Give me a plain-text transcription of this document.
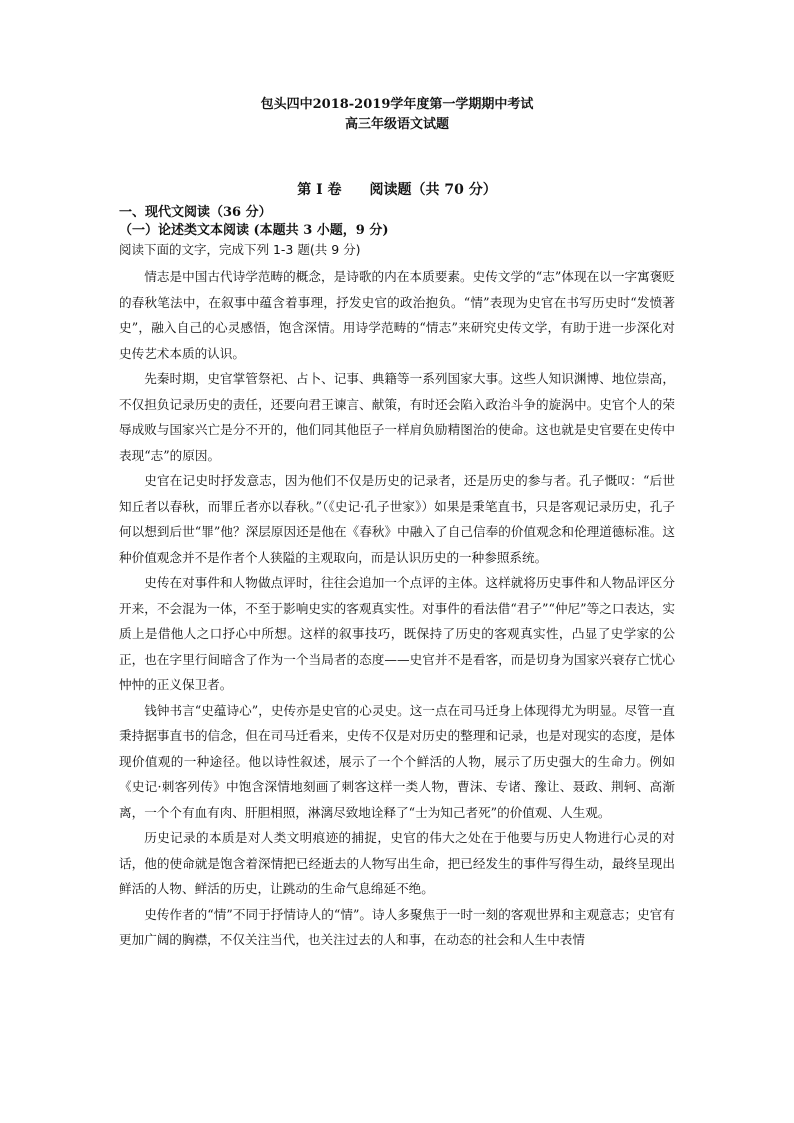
包头四中2018-2019学年度第一学期期中考试
高三年级语文试题
第 I 卷　　阅读题（共 70 分）
一、现代文阅读（36 分）
（一）论述类文本阅读 (本题共 3 小题，9 分)
阅读下面的文字，完成下列 1-3 题(共 9 分)

情志是中国古代诗学范畴的概念，是诗歌的内在本质要素。史传文学的“志”体现在以一字寓褒贬的春秋笔法中，在叙事中蕴含着事理，抒发史官的政治抱负。“情”表现为史官在书写历史时“发愤著史”，融入自己的心灵感悟，饱含深情。用诗学范畴的“情志”来研究史传文学，有助于进一步深化对史传艺术本质的认识。

先秦时期，史官掌管祭祀、占卜、记事、典籍等一系列国家大事。这些人知识渊博、地位崇高，不仅担负记录历史的责任，还要向君王谏言、献策，有时还会陷入政治斗争的旋涡中。史官个人的荣辱成败与国家兴亡是分不开的，他们同其他臣子一样肩负励精图治的使命。这也就是史官要在史传中表现“志”的原因。

史官在记史时抒发意志，因为他们不仅是历史的记录者，还是历史的参与者。孔子慨叹：“后世知丘者以春秋，而罪丘者亦以春秋。”（《史记·孔子世家》）如果是秉笔直书，只是客观记录历史，孔子何以想到后世“罪”他？深层原因还是他在《春秋》中融入了自己信奉的价值观念和伦理道德标准。这种价值观念并不是作者个人狭隘的主观取向，而是认识历史的一种参照系统。

史传在对事件和人物做点评时，往往会追加一个点评的主体。这样就将历史事件和人物品评区分开来，不会混为一体，不至于影响史实的客观真实性。对事件的看法借“君子”“仲尼”等之口表达，实质上是借他人之口抒心中所想。这样的叙事技巧，既保持了历史的客观真实性，凸显了史学家的公正，也在字里行间暗含了作为一个当局者的态度——史官并不是看客，而是切身为国家兴衰存亡忧心忡忡的正义保卫者。

钱钟书言“史蕴诗心”，史传亦是史官的心灵史。这一点在司马迁身上体现得尤为明显。尽管一直秉持据事直书的信念，但在司马迁看来，史传不仅是对历史的整理和记录，也是对现实的态度，是体现价值观的一种途径。他以诗性叙述，展示了一个个鲜活的人物，展示了历史强大的生命力。例如《史记·刺客列传》中饱含深情地刻画了刺客这样一类人物，曹沫、专诸、豫让、聂政、荆轲、高渐离，一个个有血有肉、肝胆相照，淋漓尽致地诠释了“士为知己者死”的价值观、人生观。

历史记录的本质是对人类文明痕迹的捕捉，史官的伟大之处在于他要与历史人物进行心灵的对话，他的使命就是饱含着深情把已经逝去的人物写出生命，把已经发生的事件写得生动，最终呈现出鲜活的人物、鲜活的历史，让跳动的生命气息绵延不绝。

史传作者的“情”不同于抒情诗人的“情”。诗人多聚焦于一时一刻的客观世界和主观意志；史官有更加广阔的胸襟，不仅关注当代，也关注过去的人和事，在动态的社会和人生中表情
